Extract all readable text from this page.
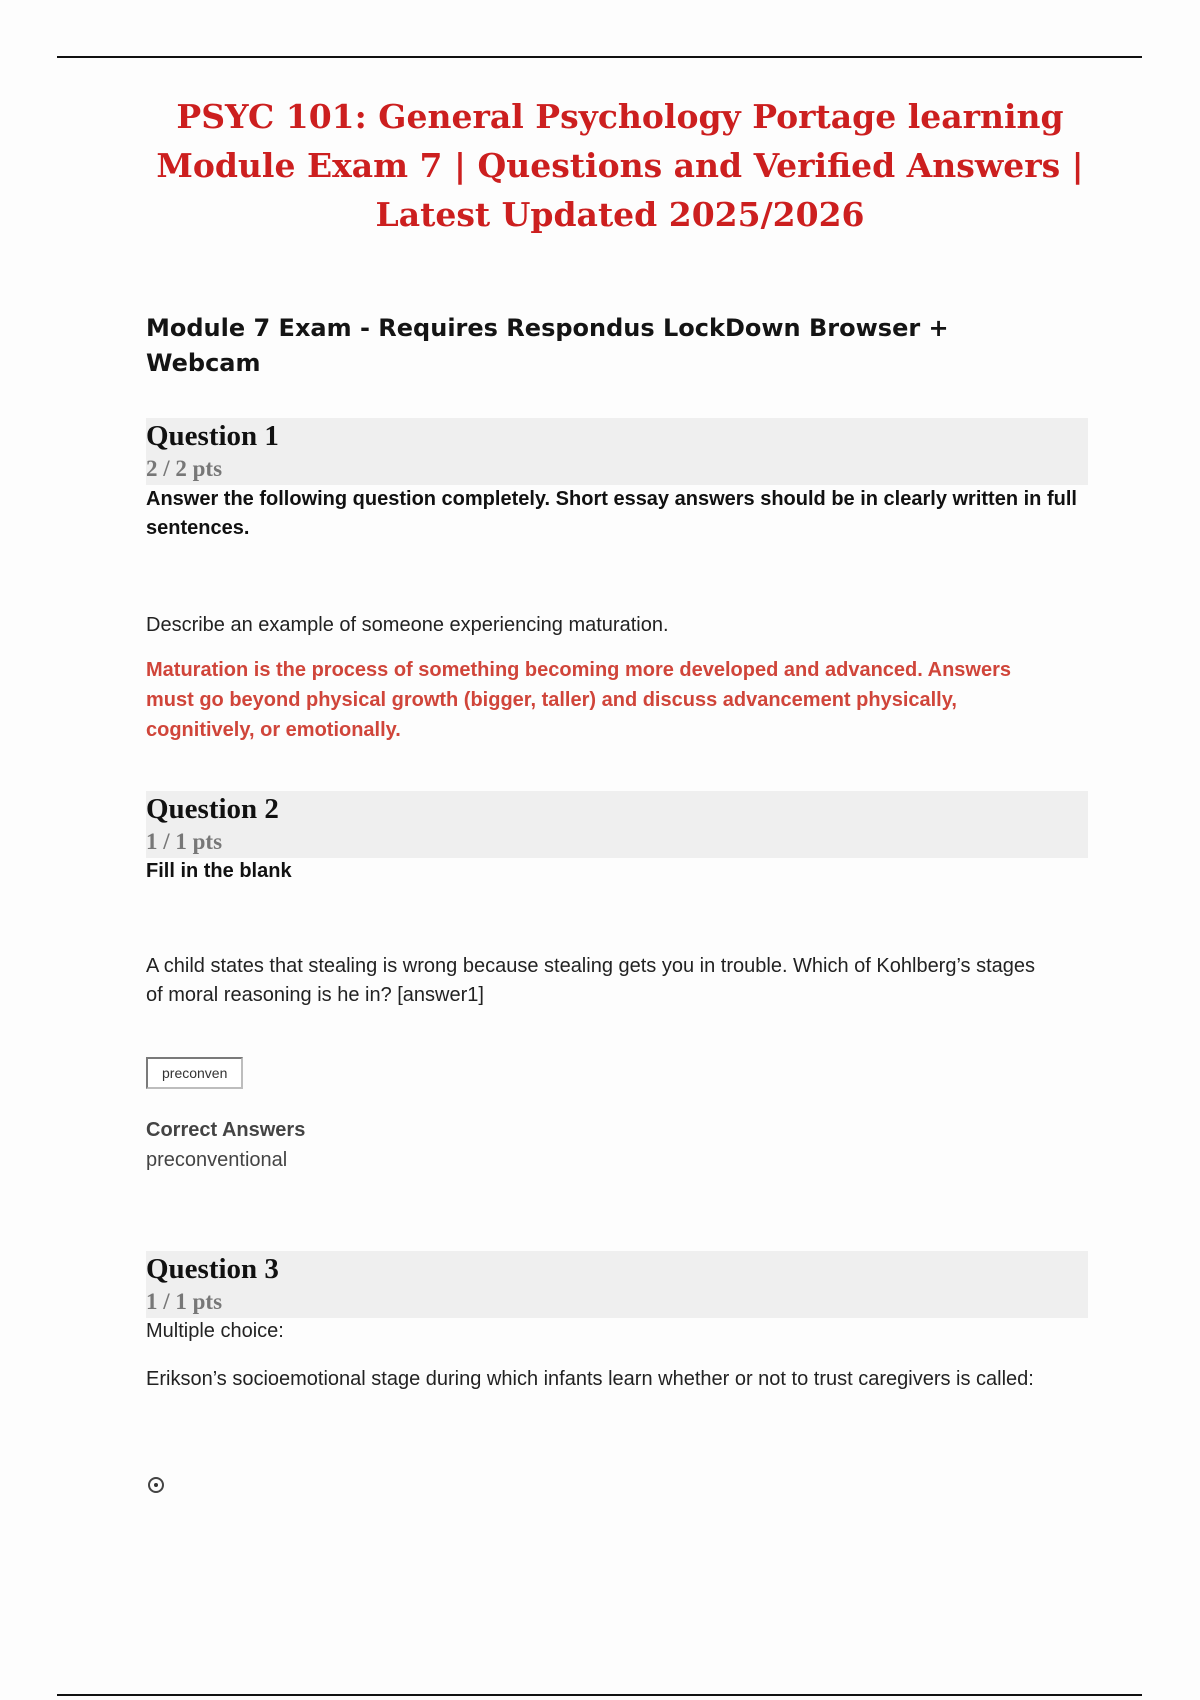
PSYC 101: General Psychology Portage learning Module Exam 7 | Questions and Verified Answers | Latest Updated 2025/2026
Module 7 Exam - Requires Respondus LockDown Browser + Webcam
Question 1
2 / 2 pts

Answer the following question completely. Short essay answers should be in clearly written in full sentences.

Describe an example of someone experiencing maturation.

Maturation is the process of something becoming more developed and advanced. Answers must go beyond physical growth (bigger, taller) and discuss advancement physically, cognitively, or emotionally.

Question 2
1 / 1 pts

Fill in the blank

A child states that stealing is wrong because stealing gets you in trouble. Which of Kohlberg’s stages of moral reasoning is he in? [answer1]

preconven

Correct Answers

preconventional

Question 3
1 / 1 pts

Multiple choice:

Erikson’s socioemotional stage during which infants learn whether or not to trust caregivers is called:
